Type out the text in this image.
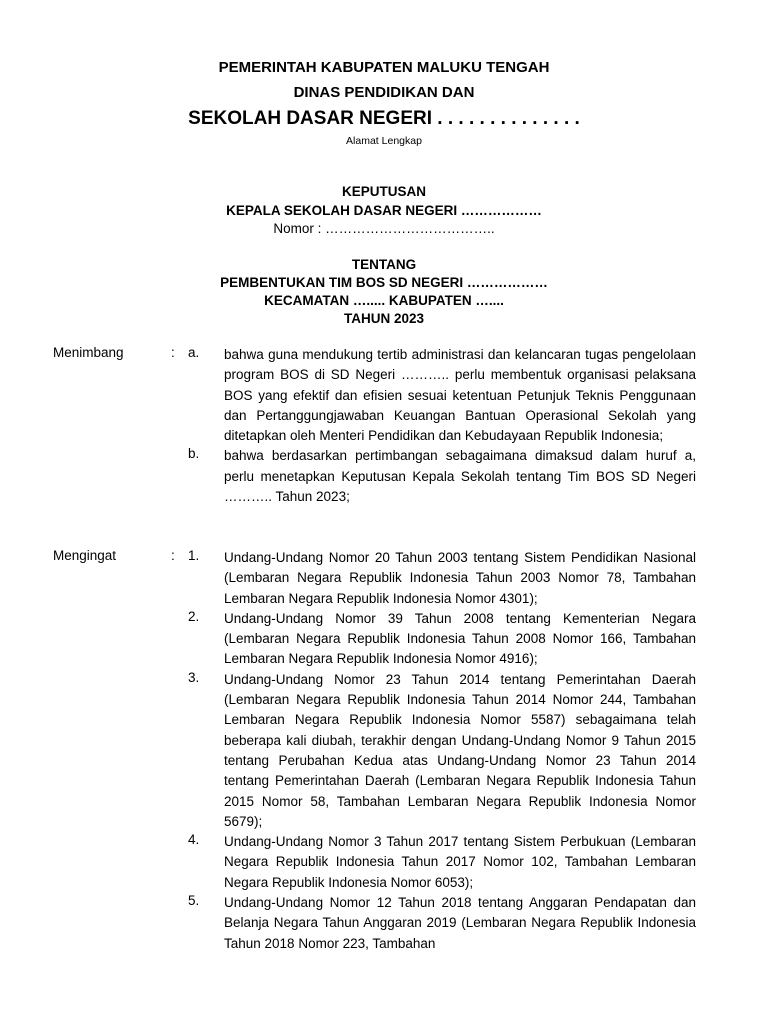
PEMERINTAH KABUPATEN MALUKU TENGAH
DINAS PENDIDIKAN DAN
SEKOLAH DASAR NEGERI . . . . . . . . . . . . . .
Alamat Lengkap
KEPUTUSAN
KEPALA SEKOLAH DASAR NEGERI ………………
Nomor : ………………………………..
TENTANG
PEMBENTUKAN TIM BOS SD NEGERI ………………
KECAMATAN …..... KABUPATEN …....
TAHUN 2023
Menimbang	: a.	bahwa guna mendukung tertib administrasi dan kelancaran tugas pengelolaan program BOS di SD Negeri ……….. perlu membentuk organisasi pelaksana BOS yang efektif dan efisien sesuai ketentuan Petunjuk Teknis Penggunaan dan Pertanggungjawaban Keuangan Bantuan Operasional Sekolah yang ditetapkan oleh Menteri Pendidikan dan Kebudayaan Republik Indonesia;
b.	bahwa berdasarkan pertimbangan sebagaimana dimaksud dalam huruf a, perlu menetapkan Keputusan Kepala Sekolah tentang Tim BOS SD Negeri ……….. Tahun 2023;
Mengingat	: 1.	Undang-Undang Nomor 20 Tahun 2003 tentang Sistem Pendidikan Nasional (Lembaran Negara Republik Indonesia Tahun 2003 Nomor 78, Tambahan Lembaran Negara Republik Indonesia Nomor 4301);
2.	Undang-Undang Nomor 39 Tahun 2008 tentang Kementerian Negara (Lembaran Negara Republik Indonesia Tahun 2008 Nomor 166, Tambahan Lembaran Negara Republik Indonesia Nomor 4916);
3.	Undang-Undang Nomor 23 Tahun 2014 tentang Pemerintahan Daerah (Lembaran Negara Republik Indonesia Tahun 2014 Nomor 244, Tambahan Lembaran Negara Republik Indonesia Nomor 5587) sebagaimana telah beberapa kali diubah, terakhir dengan Undang-Undang Nomor 9 Tahun 2015 tentang Perubahan Kedua atas Undang-Undang Nomor 23 Tahun 2014 tentang Pemerintahan Daerah (Lembaran Negara Republik Indonesia Tahun 2015 Nomor 58, Tambahan Lembaran Negara Republik Indonesia Nomor 5679);
4.	Undang-Undang Nomor 3 Tahun 2017 tentang Sistem Perbukuan (Lembaran Negara Republik Indonesia Tahun 2017 Nomor 102, Tambahan Lembaran Negara Republik Indonesia Nomor 6053);
5.	Undang-Undang Nomor 12 Tahun 2018 tentang Anggaran Pendapatan dan Belanja Negara Tahun Anggaran 2019 (Lembaran Negara Republik Indonesia Tahun 2018 Nomor 223, Tambahan
